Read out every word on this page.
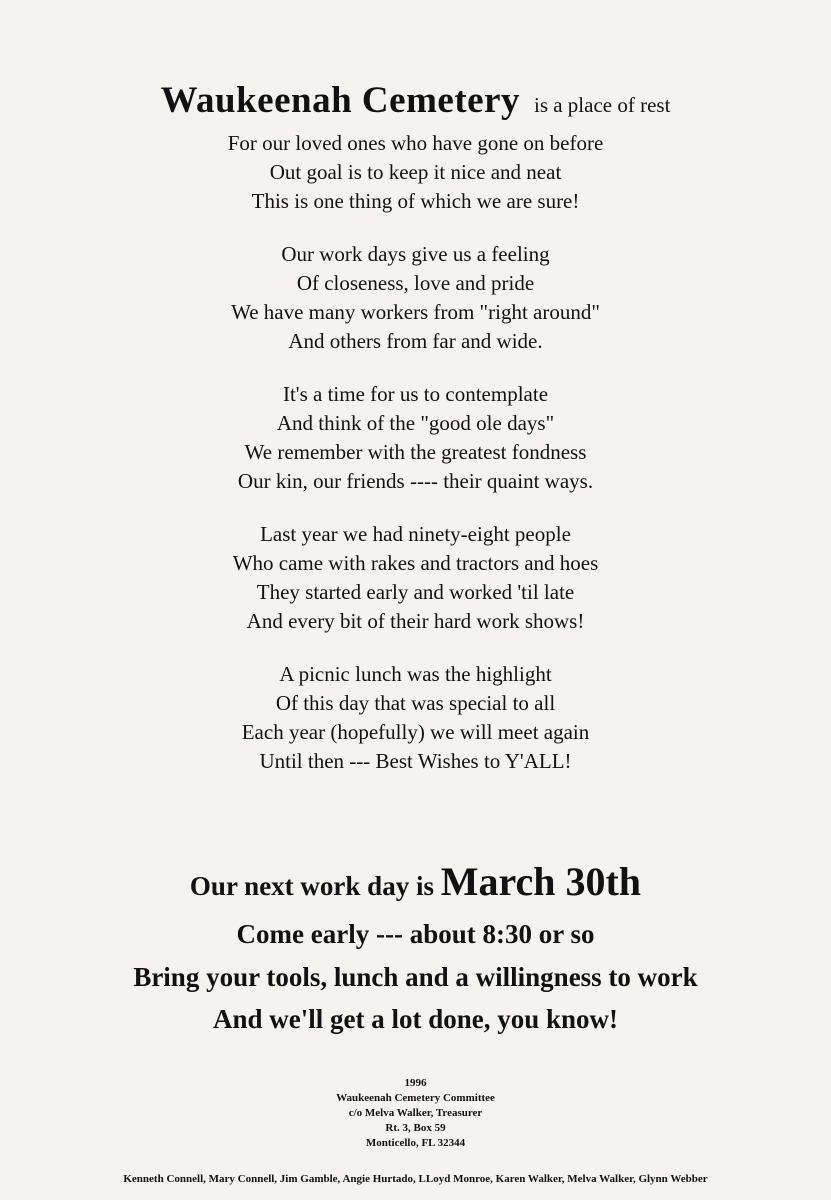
Waukeenah Cemetery is a place of rest
For our loved ones who have gone on before
Out goal is to keep it nice and neat
This is one thing of which we are sure!
Our work days give us a feeling
Of closeness, love and pride
We have many workers from "right around"
And others from far and wide.
It's a time for us to contemplate
And think of the "good ole days"
We remember with the greatest fondness
Our kin, our friends ---- their quaint ways.
Last year we had ninety-eight people
Who came with rakes and tractors and hoes
They started early and worked 'til late
And every bit of their hard work shows!
A picnic lunch was the highlight
Of this day that was special to all
Each year (hopefully) we will meet again
Until then --- Best Wishes to Y'ALL!
Our next work day is March 30th
Come early --- about 8:30 or so
Bring your tools, lunch and a willingness to work
And we'll get a lot done, you know!
1996
Waukeenah Cemetery Committee
c/o Melva Walker, Treasurer
Rt. 3, Box 59
Monticello, FL 32344
Kenneth Connell, Mary Connell, Jim Gamble, Angie Hurtado, LLoyd Monroe, Karen Walker, Melva Walker, Glynn Webber
